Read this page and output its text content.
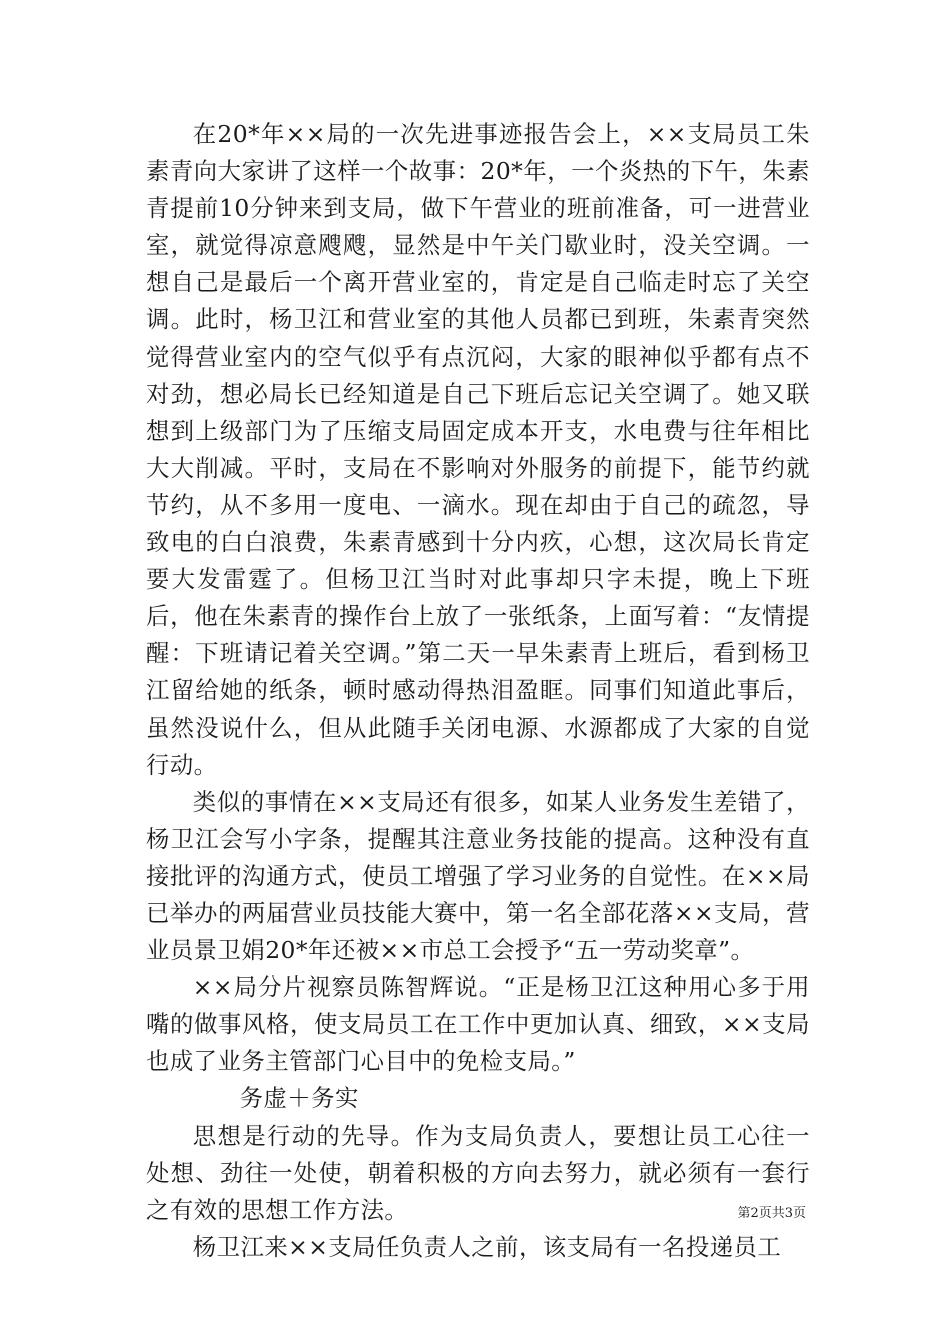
在20*年××局的一次先进事迹报告会上，××支局员工朱素青向大家讲了这样一个故事：20*年，一个炎热的下午，朱素青提前10分钟来到支局，做下午营业的班前准备，可一进营业室，就觉得凉意飕飕，显然是中午关门歇业时，没关空调。一想自己是最后一个离开营业室的，肯定是自己临走时忘了关空调。此时，杨卫江和营业室的其他人员都已到班，朱素青突然觉得营业室内的空气似乎有点沉闷，大家的眼神似乎都有点不对劲，想必局长已经知道是自己下班后忘记关空调了。她又联想到上级部门为了压缩支局固定成本开支，水电费与往年相比大大削减。平时，支局在不影响对外服务的前提下，能节约就节约，从不多用一度电、一滴水。现在却由于自己的疏忽，导致电的白白浪费，朱素青感到十分内疚，心想，这次局长肯定要大发雷霆了。但杨卫江当时对此事却只字未提，晚上下班后，他在朱素青的操作台上放了一张纸条，上面写着：“友情提醒：下班请记着关空调。”第二天一早朱素青上班后，看到杨卫江留给她的纸条，顿时感动得热泪盈眶。同事们知道此事后，虽然没说什么，但从此随手关闭电源、水源都成了大家的自觉行动。

类似的事情在××支局还有很多，如某人业务发生差错了，杨卫江会写小字条，提醒其注意业务技能的提高。这种没有直接批评的沟通方式，使员工增强了学习业务的自觉性。在××局已举办的两届营业员技能大赛中，第一名全部花落××支局，营业员景卫娟20*年还被××市总工会授予“五一劳动奖章”。

××局分片视察员陈智辉说。“正是杨卫江这种用心多于用嘴的做事风格，使支局员工在工作中更加认真、细致，××支局也成了业务主管部门心目中的免检支局。”

务虚＋务实

思想是行动的先导。作为支局负责人，要想让员工心往一处想、劲往一处使，朝着积极的方向去努力，就必须有一套行之有效的思想工作方法。

杨卫江来××支局任负责人之前，该支局有一名投递员工

第2页共3页
